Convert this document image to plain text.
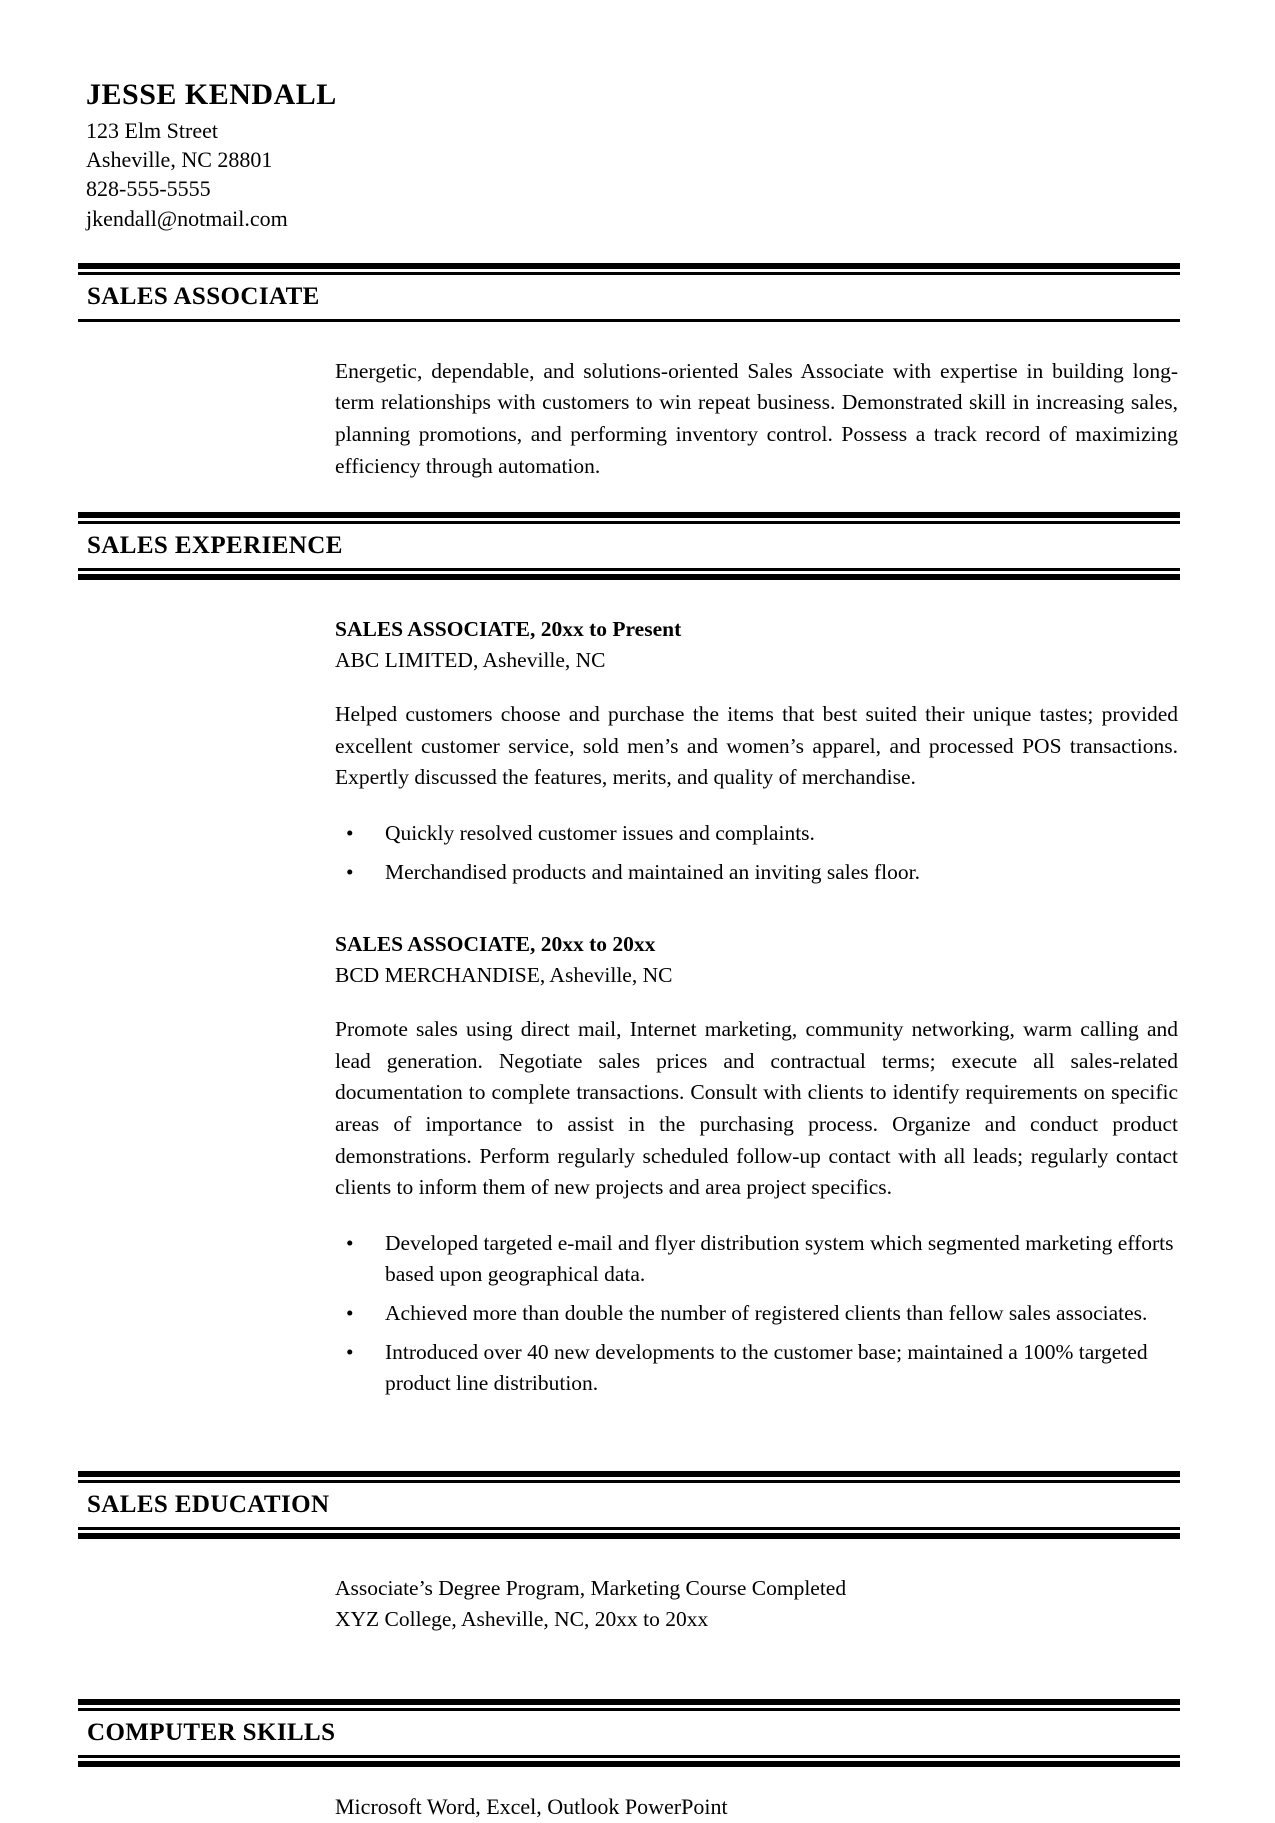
JESSE KENDALL

123 Elm Street

Asheville, NC 28801

828-555-5555

jkendall@notmail.com

SALES ASSOCIATE

Energetic, dependable, and solutions-oriented Sales Associate with expertise in building long-term relationships with customers to win repeat business. Demonstrated skill in increasing sales, planning promotions, and performing inventory control. Possess a track record of maximizing efficiency through automation.

SALES EXPERIENCE

SALES ASSOCIATE, 20xx to Present

ABC LIMITED, Asheville, NC

Helped customers choose and purchase the items that best suited their unique tastes; provided excellent customer service, sold men’s and women’s apparel, and processed POS transactions. Expertly discussed the features, merits, and quality of merchandise.

• Quickly resolved customer issues and complaints.
• Merchandised products and maintained an inviting sales floor.

SALES ASSOCIATE, 20xx to 20xx

BCD MERCHANDISE, Asheville, NC

Promote sales using direct mail, Internet marketing, community networking, warm calling and lead generation. Negotiate sales prices and contractual terms; execute all sales-related documentation to complete transactions. Consult with clients to identify requirements on specific areas of importance to assist in the purchasing process. Organize and conduct product demonstrations. Perform regularly scheduled follow-up contact with all leads; regularly contact clients to inform them of new projects and area project specifics.

• Developed targeted e-mail and flyer distribution system which segmented marketing efforts based upon geographical data.
• Achieved more than double the number of registered clients than fellow sales associates.
• Introduced over 40 new developments to the customer base; maintained a 100% targeted product line distribution.
SALES EDUCATION

Associate’s Degree Program, Marketing Course Completed

XYZ College, Asheville, NC, 20xx to 20xx

COMPUTER SKILLS

Microsoft Word, Excel, Outlook PowerPoint
